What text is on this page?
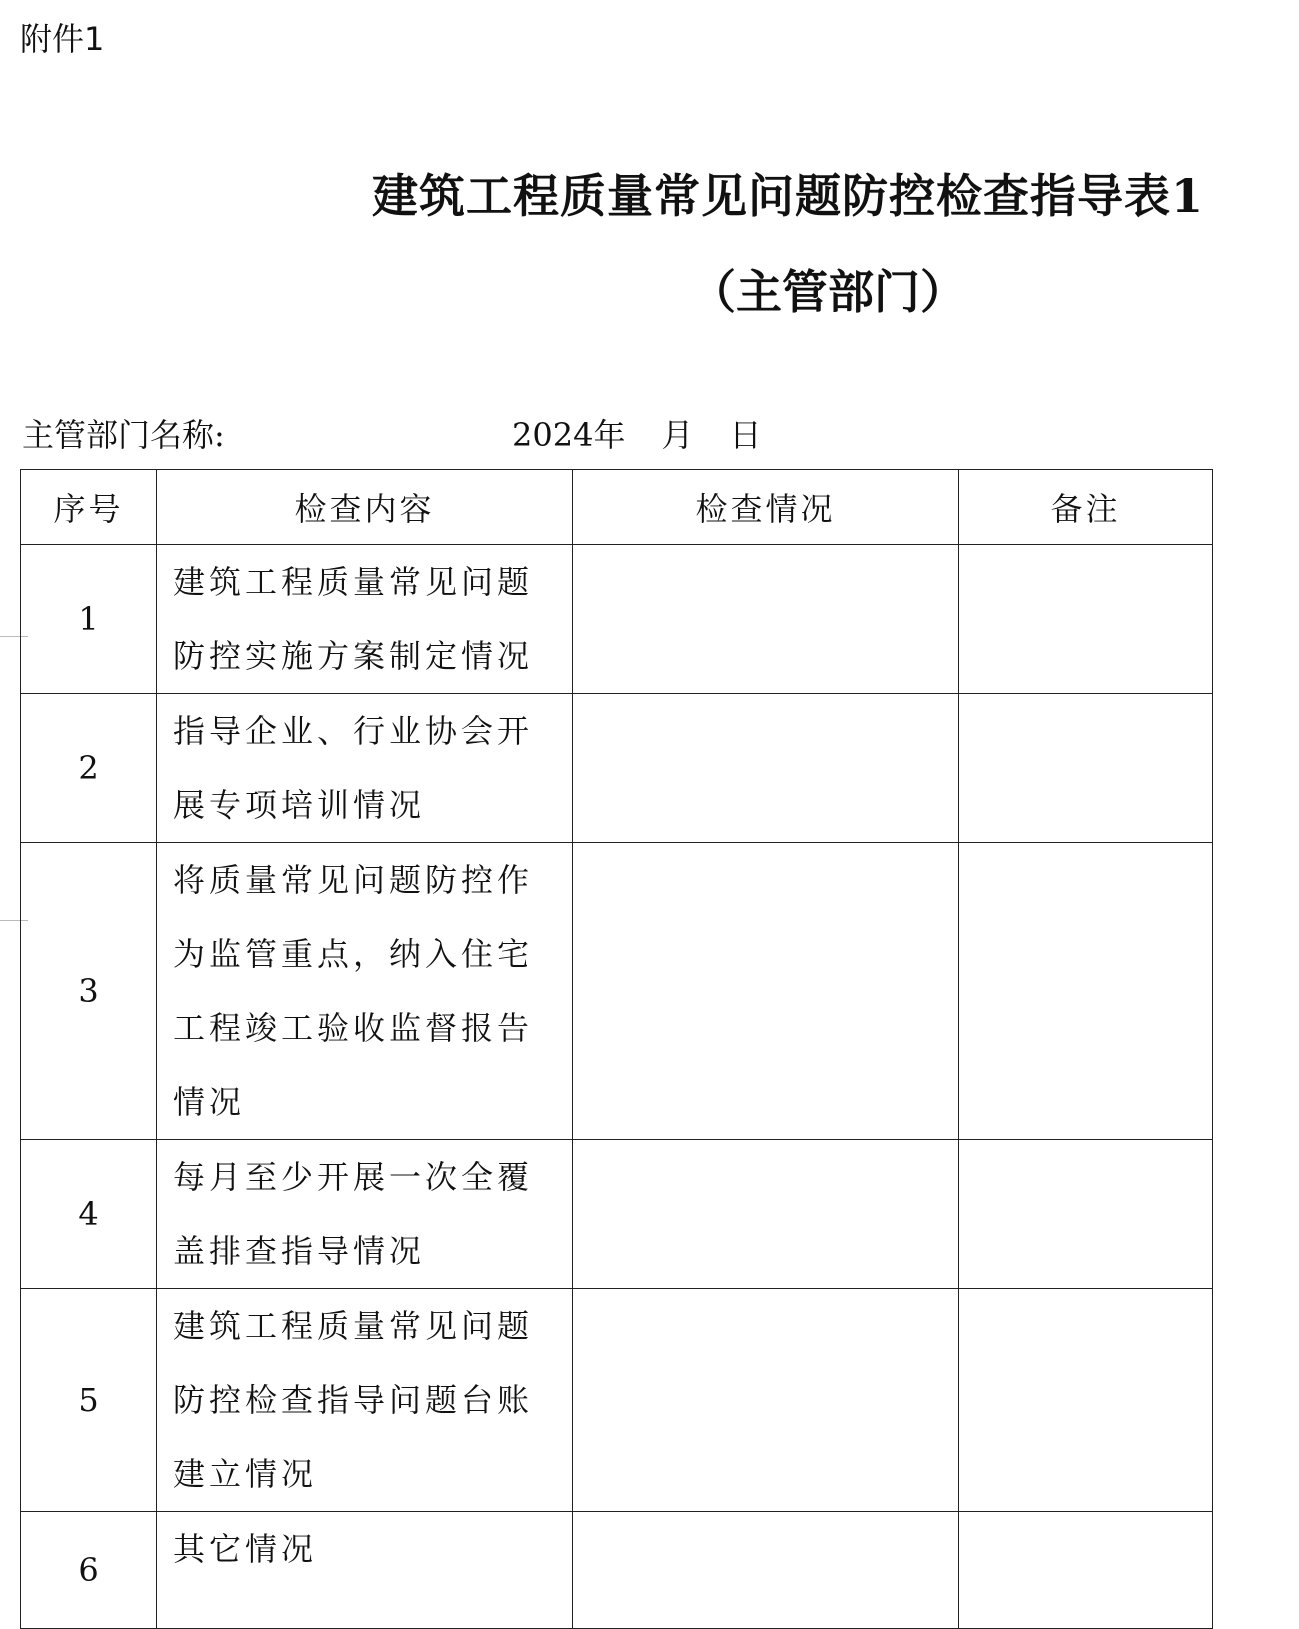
附件1
建筑工程质量常见问题防控检查指导表1
（主管部门）
主管部门名称:	2024年 月 日
序号	检查内容	检查情况	备注
1	建筑工程质量常见问题防控实施方案制定情况		
2	指导企业、行业协会开展专项培训情况		
3	将质量常见问题防控作为监管重点，纳入住宅工程竣工验收监督报告情况		
4	每月至少开展一次全覆盖排查指导情况		
5	建筑工程质量常见问题防控检查指导问题台账建立情况		
6	其它情况		
